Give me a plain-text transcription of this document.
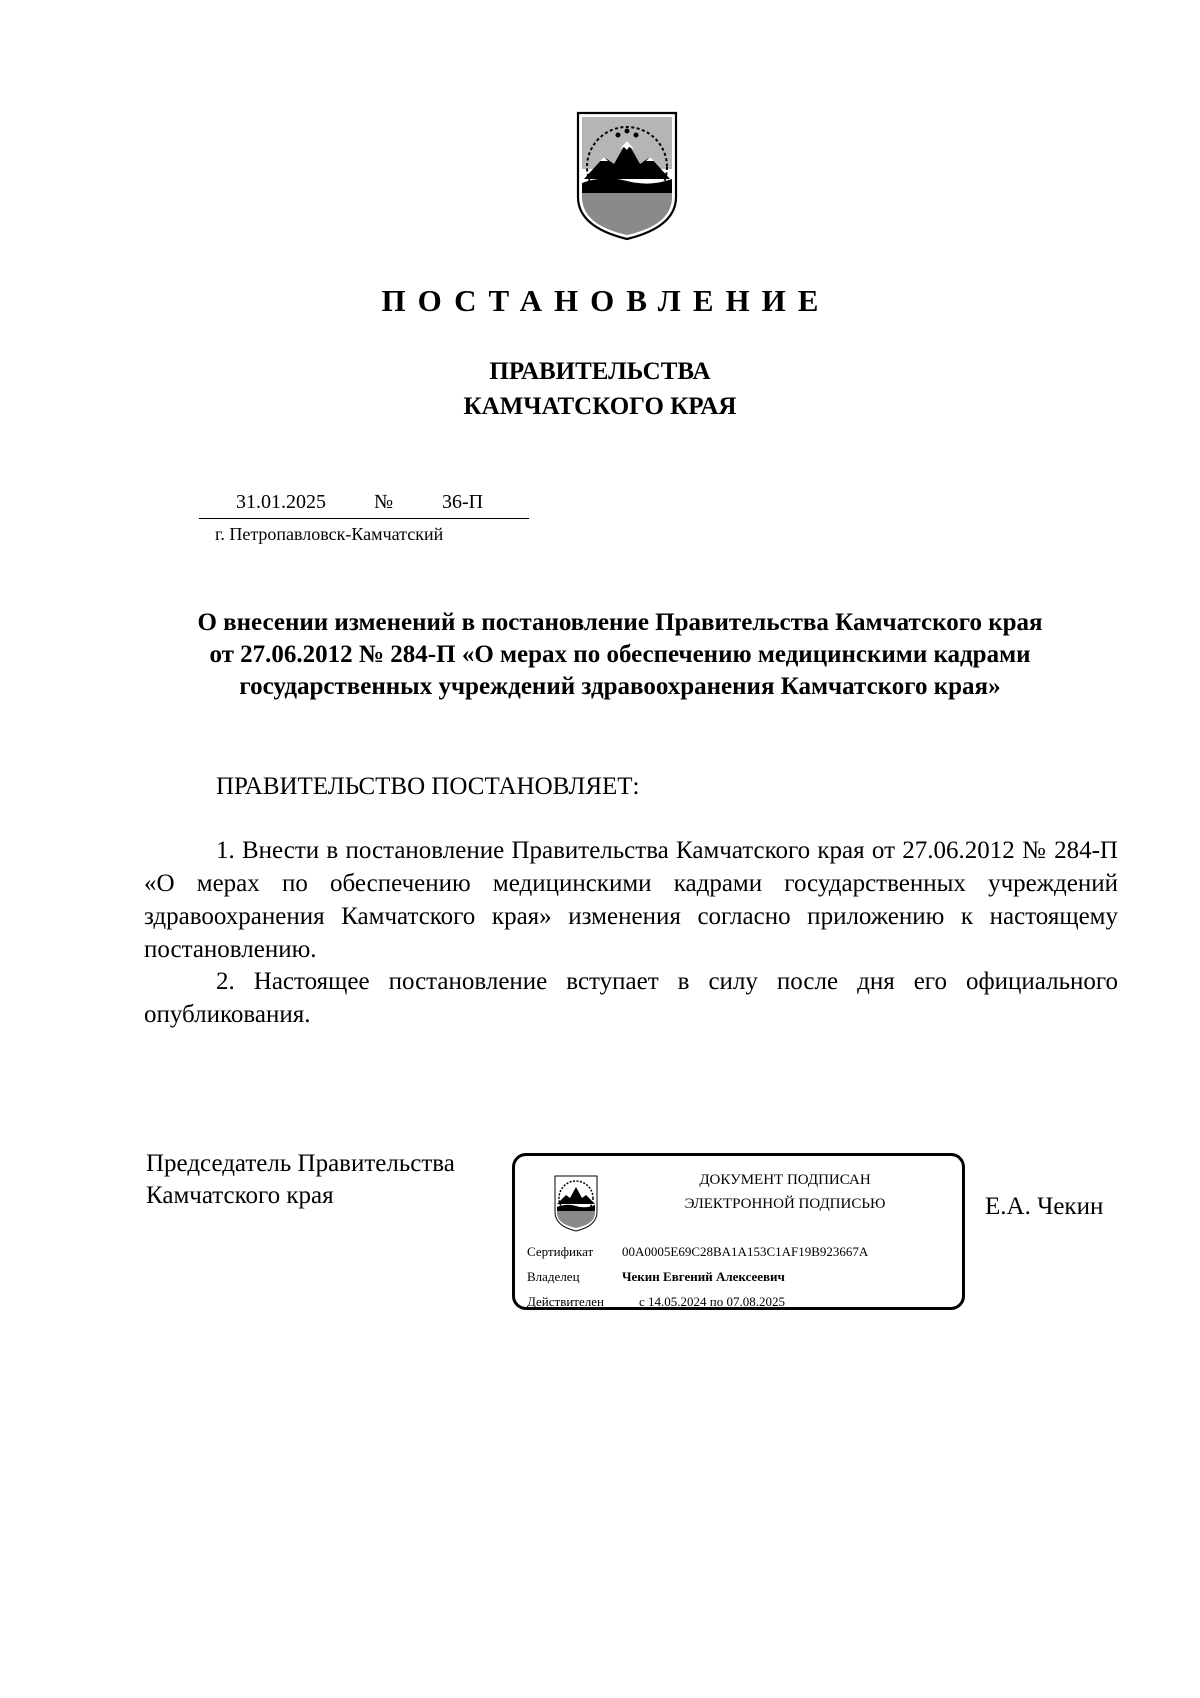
ПОСТАНОВЛЕНИЕ
ПРАВИТЕЛЬСТВА
КАМЧАТСКОГО КРАЯ
31.01.2025 № 36-П
г. Петропавловск-Камчатский
О внесении изменений в постановление Правительства Камчатского края
от 27.06.2012 № 284-П «О мерах по обеспечению медицинскими кадрами
государственных учреждений здравоохранения Камчатского края»
ПРАВИТЕЛЬСТВО ПОСТАНОВЛЯЕТ:
1. Внести в постановление Правительства Камчатского края от 27.06.2012 № 284-П «О мерах по обеспечению медицинскими кадрами государственных учреждений здравоохранения Камчатского края» изменения согласно приложению к настоящему постановлению.
2. Настоящее постановление вступает в силу после дня его официального опубликования.
Председатель Правительства
Камчатского края
ДОКУМЕНТ ПОДПИСАН
ЭЛЕКТРОННОЙ ПОДПИСЬЮ
Сертификат 00A0005E69C28BA1A153C1AF19B923667A
Владелец	Чекин Евгений Алексеевич
Действителен	с 14.05.2024 по 07.08.2025
Е.А. Чекин
